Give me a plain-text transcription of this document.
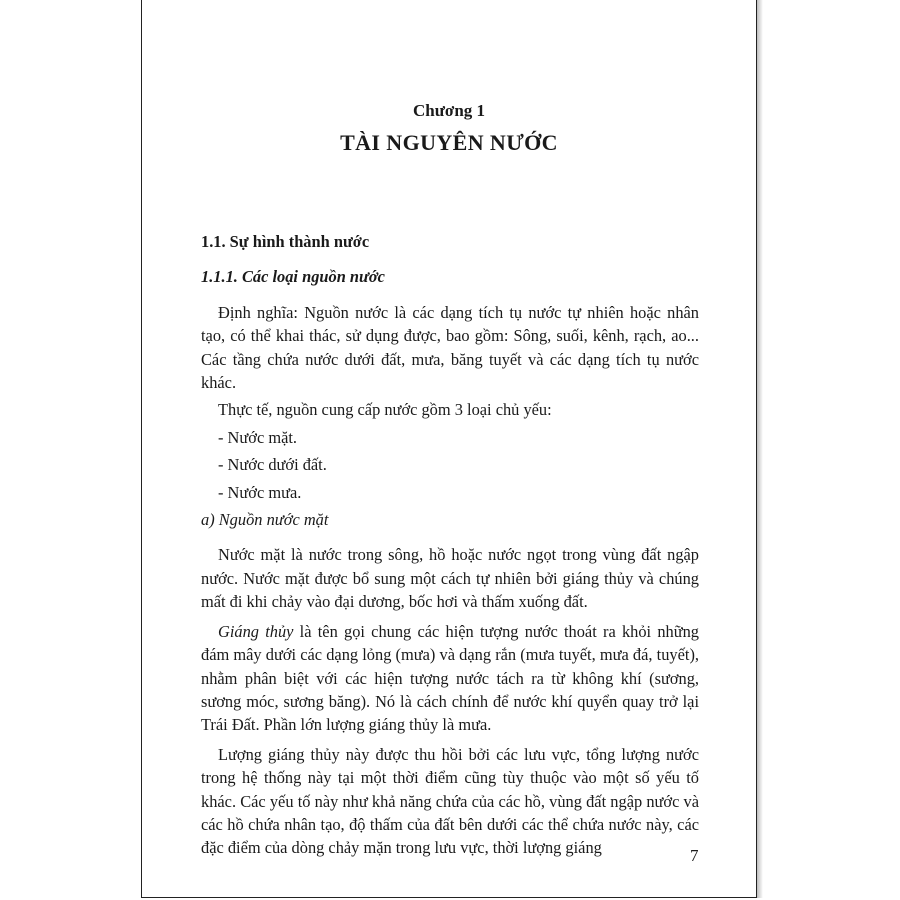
Chương 1
TÀI NGUYÊN NƯỚC

1.1. Sự hình thành nước

1.1.1. Các loại nguồn nước

Định nghĩa: Nguồn nước là các dạng tích tụ nước tự nhiên hoặc nhân tạo, có thể khai thác, sử dụng được, bao gồm: Sông, suối, kênh, rạch, ao... Các tầng chứa nước dưới đất, mưa, băng tuyết và các dạng tích tụ nước khác.

Thực tế, nguồn cung cấp nước gồm 3 loại chủ yếu:

- Nước mặt.

- Nước dưới đất.

- Nước mưa.

a) Nguồn nước mặt

Nước mặt là nước trong sông, hồ hoặc nước ngọt trong vùng đất ngập nước. Nước mặt được bổ sung một cách tự nhiên bởi giáng thủy và chúng mất đi khi chảy vào đại dương, bốc hơi và thấm xuống đất.

Giáng thủy là tên gọi chung các hiện tượng nước thoát ra khỏi những đám mây dưới các dạng lỏng (mưa) và dạng rắn (mưa tuyết, mưa đá, tuyết), nhằm phân biệt với các hiện tượng nước tách ra từ không khí (sương, sương móc, sương băng). Nó là cách chính để nước khí quyển quay trở lại Trái Đất. Phần lớn lượng giáng thủy là mưa.

Lượng giáng thủy này được thu hồi bởi các lưu vực, tổng lượng nước trong hệ thống này tại một thời điểm cũng tùy thuộc vào một số yếu tố khác. Các yếu tố này như khả năng chứa của các hồ, vùng đất ngập nước và các hồ chứa nhân tạo, độ thấm của đất bên dưới các thể chứa nước này, các đặc điểm của dòng chảy mặn trong lưu vực, thời lượng giáng	7
